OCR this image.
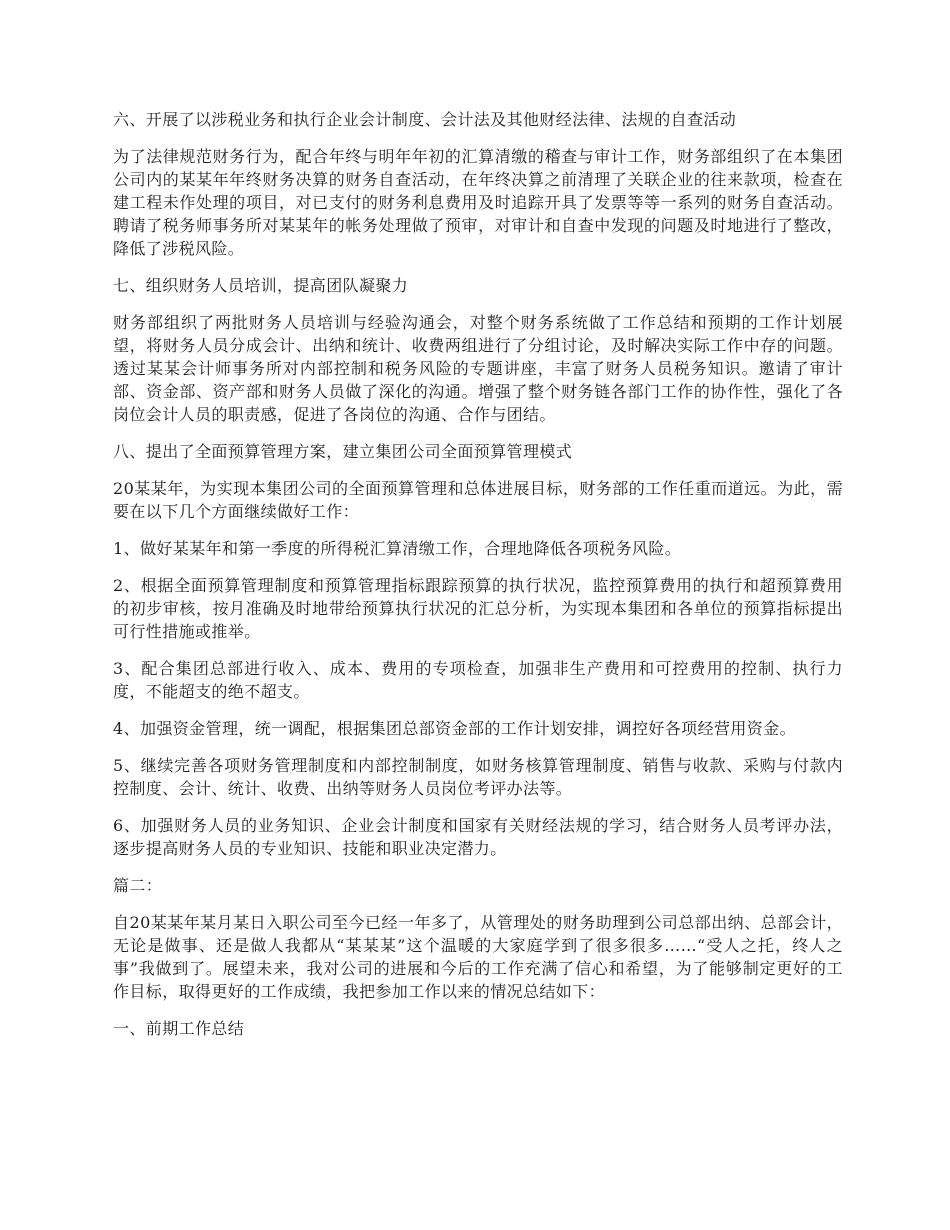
六、开展了以涉税业务和执行企业会计制度、会计法及其他财经法律、法规的自查活动

为了法律规范财务行为，配合年终与明年年初的汇算清缴的稽查与审计工作，财务部组织了在本集团公司内的某某年年终财务决算的财务自查活动，在年终决算之前清理了关联企业的往来款项，检查在建工程未作处理的项目，对已支付的财务利息费用及时追踪开具了发票等等一系列的财务自查活动。聘请了税务师事务所对某某年的帐务处理做了预审，对审计和自查中发现的问题及时地进行了整改，降低了涉税风险。

七、组织财务人员培训，提高团队凝聚力

财务部组织了两批财务人员培训与经验沟通会，对整个财务系统做了工作总结和预期的工作计划展望，将财务人员分成会计、出纳和统计、收费两组进行了分组讨论，及时解决实际工作中存的问题。透过某某会计师事务所对内部控制和税务风险的专题讲座，丰富了财务人员税务知识。邀请了审计部、资金部、资产部和财务人员做了深化的沟通。增强了整个财务链各部门工作的协作性，强化了各岗位会计人员的职责感，促进了各岗位的沟通、合作与团结。

八、提出了全面预算管理方案，建立集团公司全面预算管理模式

20某某年，为实现本集团公司的全面预算管理和总体进展目标，财务部的工作任重而道远。为此，需要在以下几个方面继续做好工作：

1、做好某某年和第一季度的所得税汇算清缴工作，合理地降低各项税务风险。

2、根据全面预算管理制度和预算管理指标跟踪预算的执行状况，监控预算费用的执行和超预算费用的初步审核，按月准确及时地带给预算执行状况的汇总分析，为实现本集团和各单位的预算指标提出可行性措施或推举。

3、配合集团总部进行收入、成本、费用的专项检查，加强非生产费用和可控费用的控制、执行力度，不能超支的绝不超支。

4、加强资金管理，统一调配，根据集团总部资金部的工作计划安排，调控好各项经营用资金。

5、继续完善各项财务管理制度和内部控制制度，如财务核算管理制度、销售与收款、采购与付款内控制度、会计、统计、收费、出纳等财务人员岗位考评办法等。

6、加强财务人员的业务知识、企业会计制度和国家有关财经法规的学习，结合财务人员考评办法，逐步提高财务人员的专业知识、技能和职业决定潜力。

篇二：

自20某某年某月某日入职公司至今已经一年多了，从管理处的财务助理到公司总部出纳、总部会计，无论是做事、还是做人我都从“某某某”这个温暖的大家庭学到了很多很多……“受人之托，终人之事”我做到了。展望未来，我对公司的进展和今后的工作充满了信心和希望，为了能够制定更好的工作目标，取得更好的工作成绩，我把参加工作以来的情况总结如下：

一、前期工作总结
